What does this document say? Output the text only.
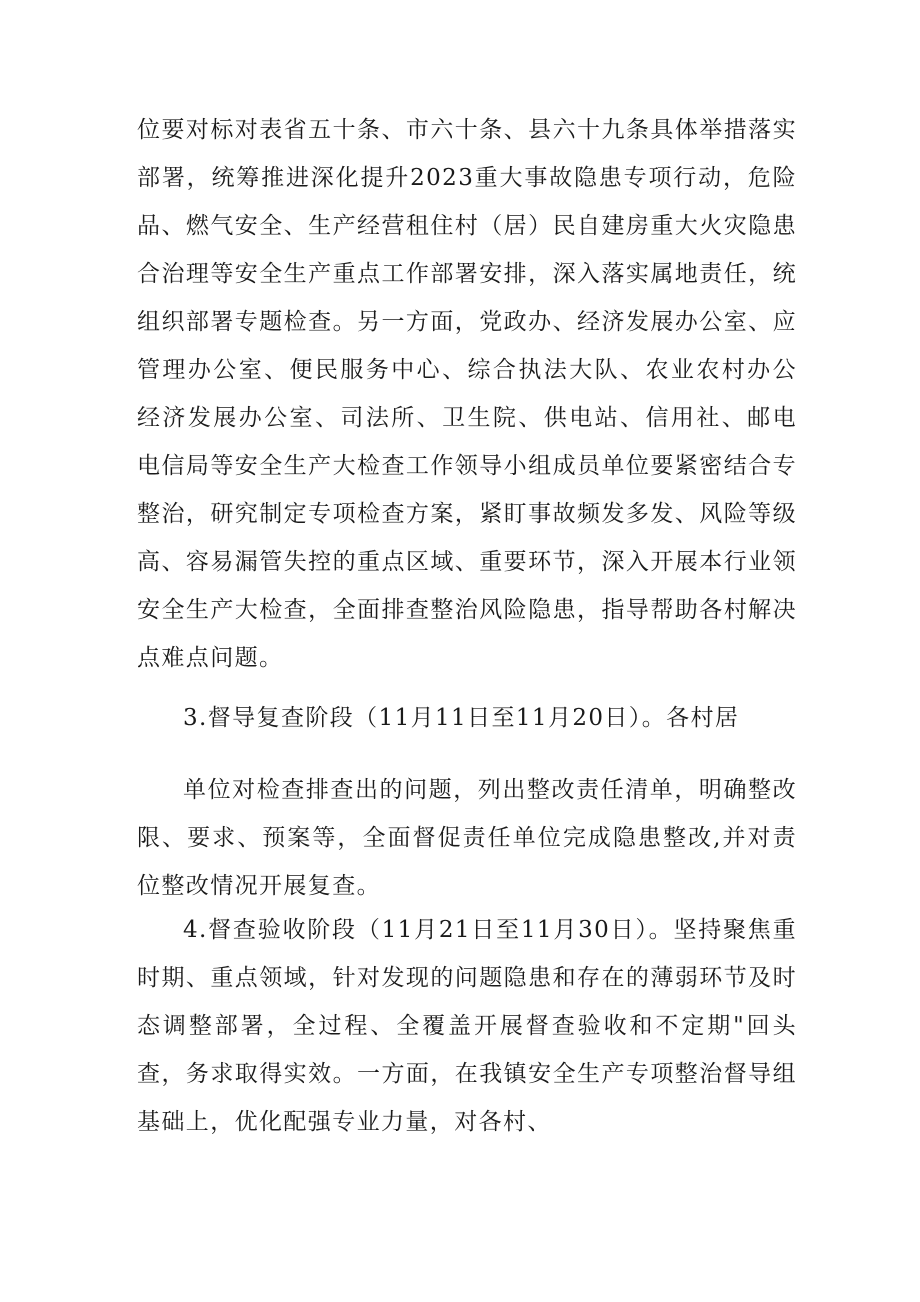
位要对标对表省五十条、市六十条、县六十九条具体举措落实
部署，统筹推进深化提升2023重大事故隐患专项行动，危险
品、燃气安全、生产经营租住村（居）民自建房重大火灾隐患
合治理等安全生产重点工作部署安排，深入落实属地责任，统
组织部署专题检查。另一方面，党政办、经济发展办公室、应
管理办公室、便民服务中心、综合执法大队、农业农村办公
经济发展办公室、司法所、卫生院、供电站、信用社、邮电
电信局等安全生产大检查工作领导小组成员单位要紧密结合专
整治，研究制定专项检查方案，紧盯事故频发多发、风险等级
高、容易漏管失控的重点区域、重要环节，深入开展本行业领
安全生产大检查，全面排查整治风险隐患，指导帮助各村解决
点难点问题。
3.督导复查阶段（11月11日至11月20日）。各村居
单位对检查排查出的问题，列出整改责任清单，明确整改
限、要求、预案等，全面督促责任单位完成隐患整改,并对责
位整改情况开展复查。
4.督查验收阶段（11月21日至11月30日）。坚持聚焦重
时期、重点领域，针对发现的问题隐患和存在的薄弱环节及时
态调整部署，全过程、全覆盖开展督查验收和不定期"回头
查，务求取得实效。一方面，在我镇安全生产专项整治督导组
基础上，优化配强专业力量，对各村、
